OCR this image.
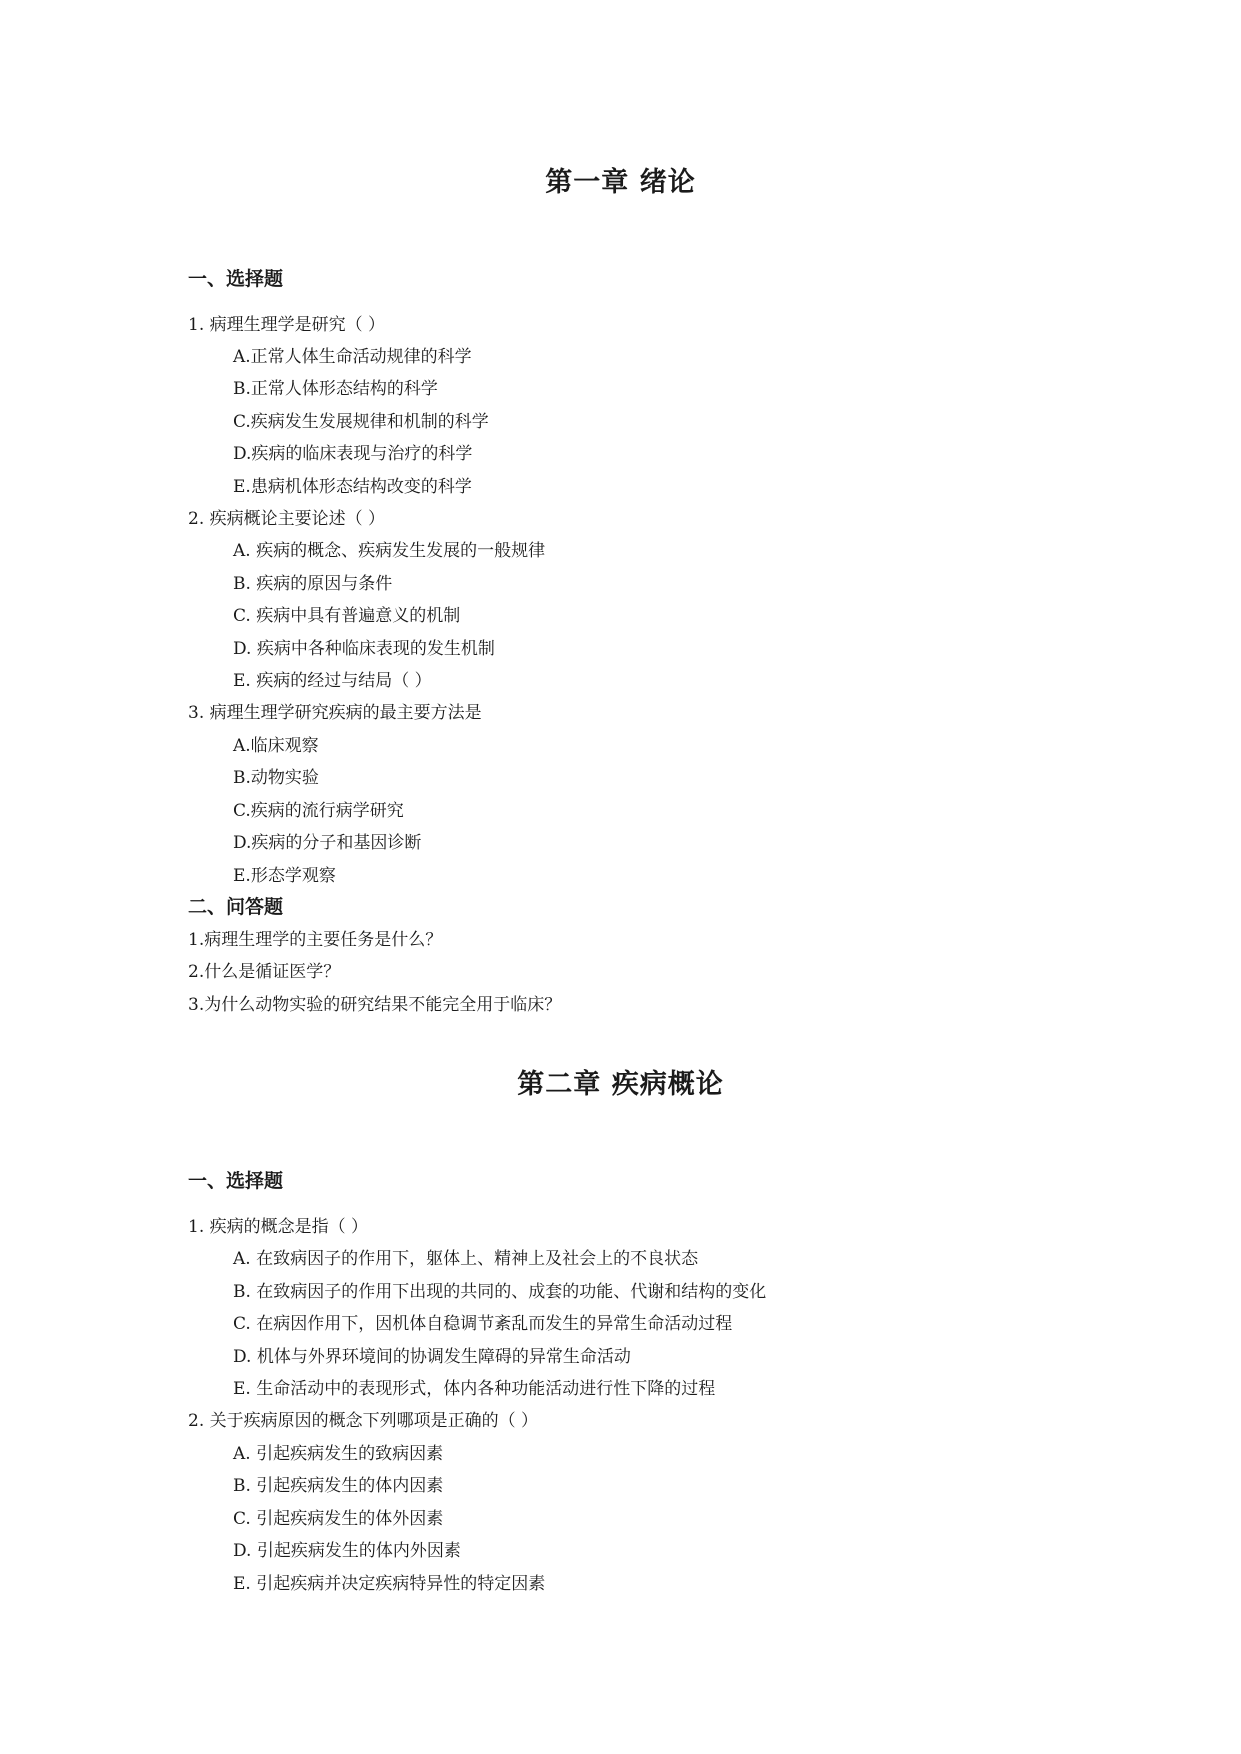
第一章 绪论
一、选择题
1. 病理生理学是研究（ ）
A.正常人体生命活动规律的科学
B.正常人体形态结构的科学
C.疾病发生发展规律和机制的科学
D.疾病的临床表现与治疗的科学
E.患病机体形态结构改变的科学
2. 疾病概论主要论述（ ）
A. 疾病的概念、疾病发生发展的一般规律
B. 疾病的原因与条件
C. 疾病中具有普遍意义的机制
D. 疾病中各种临床表现的发生机制
E. 疾病的经过与结局（ ）
3. 病理生理学研究疾病的最主要方法是
A.临床观察
B.动物实验
C.疾病的流行病学研究
D.疾病的分子和基因诊断
E.形态学观察
二、问答题
1.病理生理学的主要任务是什么？
2.什么是循证医学？
3.为什么动物实验的研究结果不能完全用于临床？
第二章 疾病概论
一、选择题
1. 疾病的概念是指（ ）
A. 在致病因子的作用下，躯体上、精神上及社会上的不良状态
B. 在致病因子的作用下出现的共同的、成套的功能、代谢和结构的变化
C. 在病因作用下，因机体自稳调节紊乱而发生的异常生命活动过程
D. 机体与外界环境间的协调发生障碍的异常生命活动
E. 生命活动中的表现形式，体内各种功能活动进行性下降的过程
2. 关于疾病原因的概念下列哪项是正确的（ ）
A. 引起疾病发生的致病因素
B. 引起疾病发生的体内因素
C. 引起疾病发生的体外因素
D. 引起疾病发生的体内外因素
E. 引起疾病并决定疾病特异性的特定因素
